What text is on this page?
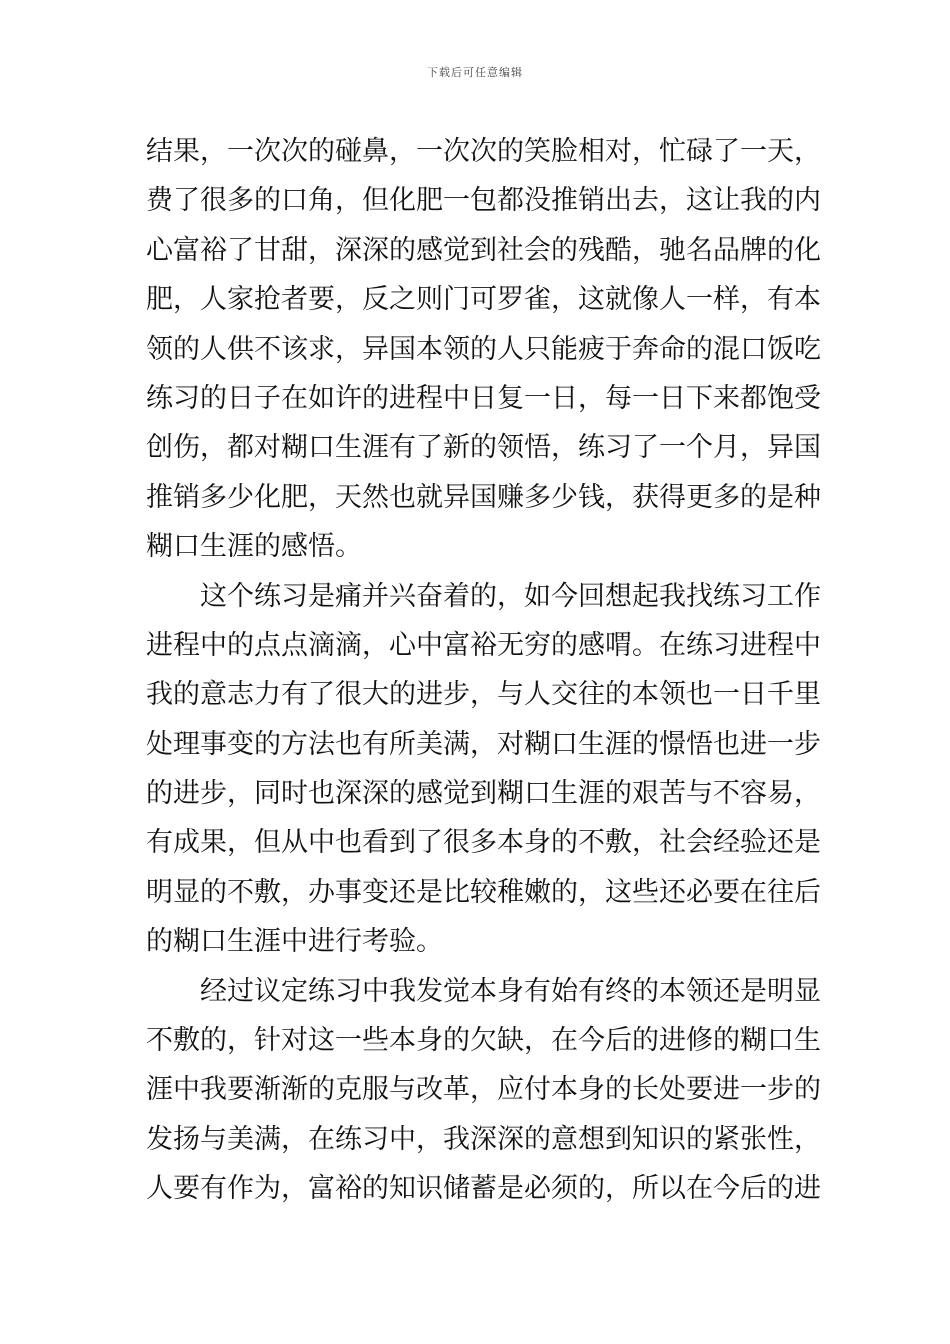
下载后可任意编辑
结果，一次次的碰鼻，一次次的笑脸相对，忙碌了一天，
费了很多的口角，但化肥一包都没推销出去，这让我的内
心富裕了甘甜，深深的感觉到社会的残酷，驰名品牌的化
肥，人家抢者要，反之则门可罗雀，这就像人一样，有本
领的人供不该求，异国本领的人只能疲于奔命的混口饭吃
练习的日子在如许的进程中日复一日，每一日下来都饱受
创伤，都对糊口生涯有了新的领悟，练习了一个月，异国
推销多少化肥，天然也就异国赚多少钱，获得更多的是种
糊口生涯的感悟。
这个练习是痛并兴奋着的，如今回想起我找练习工作
进程中的点点滴滴，心中富裕无穷的感喟。在练习进程中
我的意志力有了很大的进步，与人交往的本领也一日千里
处理事变的方法也有所美满，对糊口生涯的憬悟也进一步
的进步，同时也深深的感觉到糊口生涯的艰苦与不容易，
有成果，但从中也看到了很多本身的不敷，社会经验还是
明显的不敷，办事变还是比较稚嫩的，这些还必要在往后
的糊口生涯中进行考验。
经过议定练习中我发觉本身有始有终的本领还是明显
不敷的，针对这一些本身的欠缺，在今后的进修的糊口生
涯中我要渐渐的克服与改革，应付本身的长处要进一步的
发扬与美满，在练习中，我深深的意想到知识的紧张性，
人要有作为，富裕的知识储蓄是必须的，所以在今后的进
